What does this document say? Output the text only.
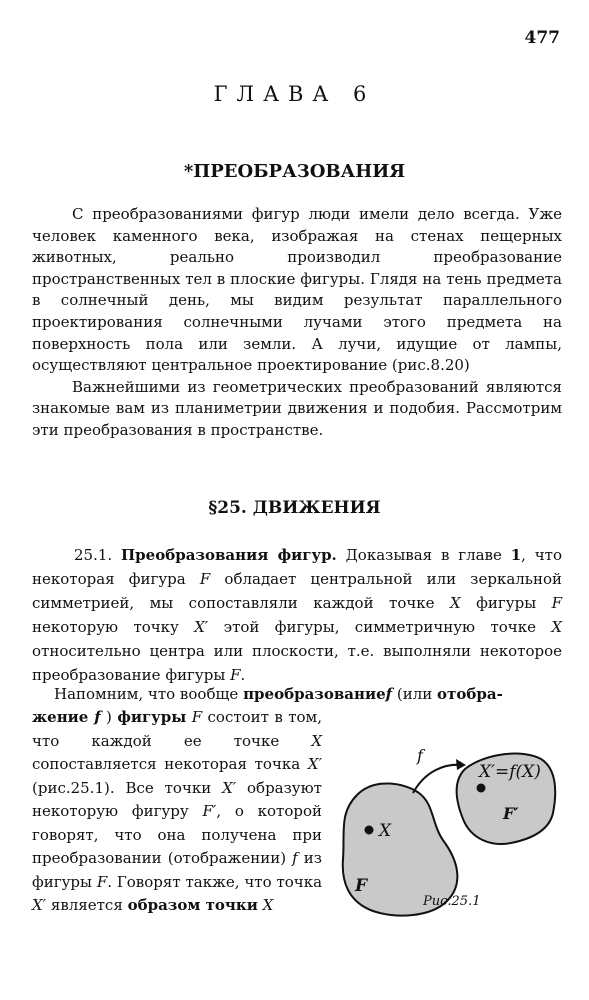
477
ГЛАВА 6
*ПРЕОБРАЗОВАНИЯ

С преобразованиями фигур люди имели дело всегда. Уже человек каменного века, изображая на стенах пещерных животных, реально производил преобразование пространственных тел в плоские фигуры. Глядя на тень предмета в солнечный день, мы видим результат параллельного проектирования солнечными лучами этого предмета на поверхность пола или земли. А лучи, идущие от лампы, осуществляют центральное проектирование (рис.8.20)

Важнейшими из геометрических преобразований являются знакомые вам из планиметрии движения и подобия. Рассмотрим эти преобразования в пространстве.

§25. ДВИЖЕНИЯ

25.1. Преобразования фигур. Доказывая в главе 1, что некоторая фигура F обладает центральной или зеркальной симметрией, мы сопоставляли каждой точке X фигуры F некоторую точку X′ этой фигуры, симметричную точке X относительно центра или плоскости, т.е. выполняли некоторое преобразование фигуры F.

Напомним, что вообще преобразованиеf (или отобра-

жение f ) фигуры F состоит в том, что каждой ее точке X сопоставляется некоторая точка X′ (рис.25.1). Все точки X′ образуют некоторую фигуру F′, о которой говорят, что она получена при преобразовании (отображении) f из фигуры F. Говорят также, что точка X′ является образом точки X

f
X
F
X′=f(X)
F′
Рис.25.1
